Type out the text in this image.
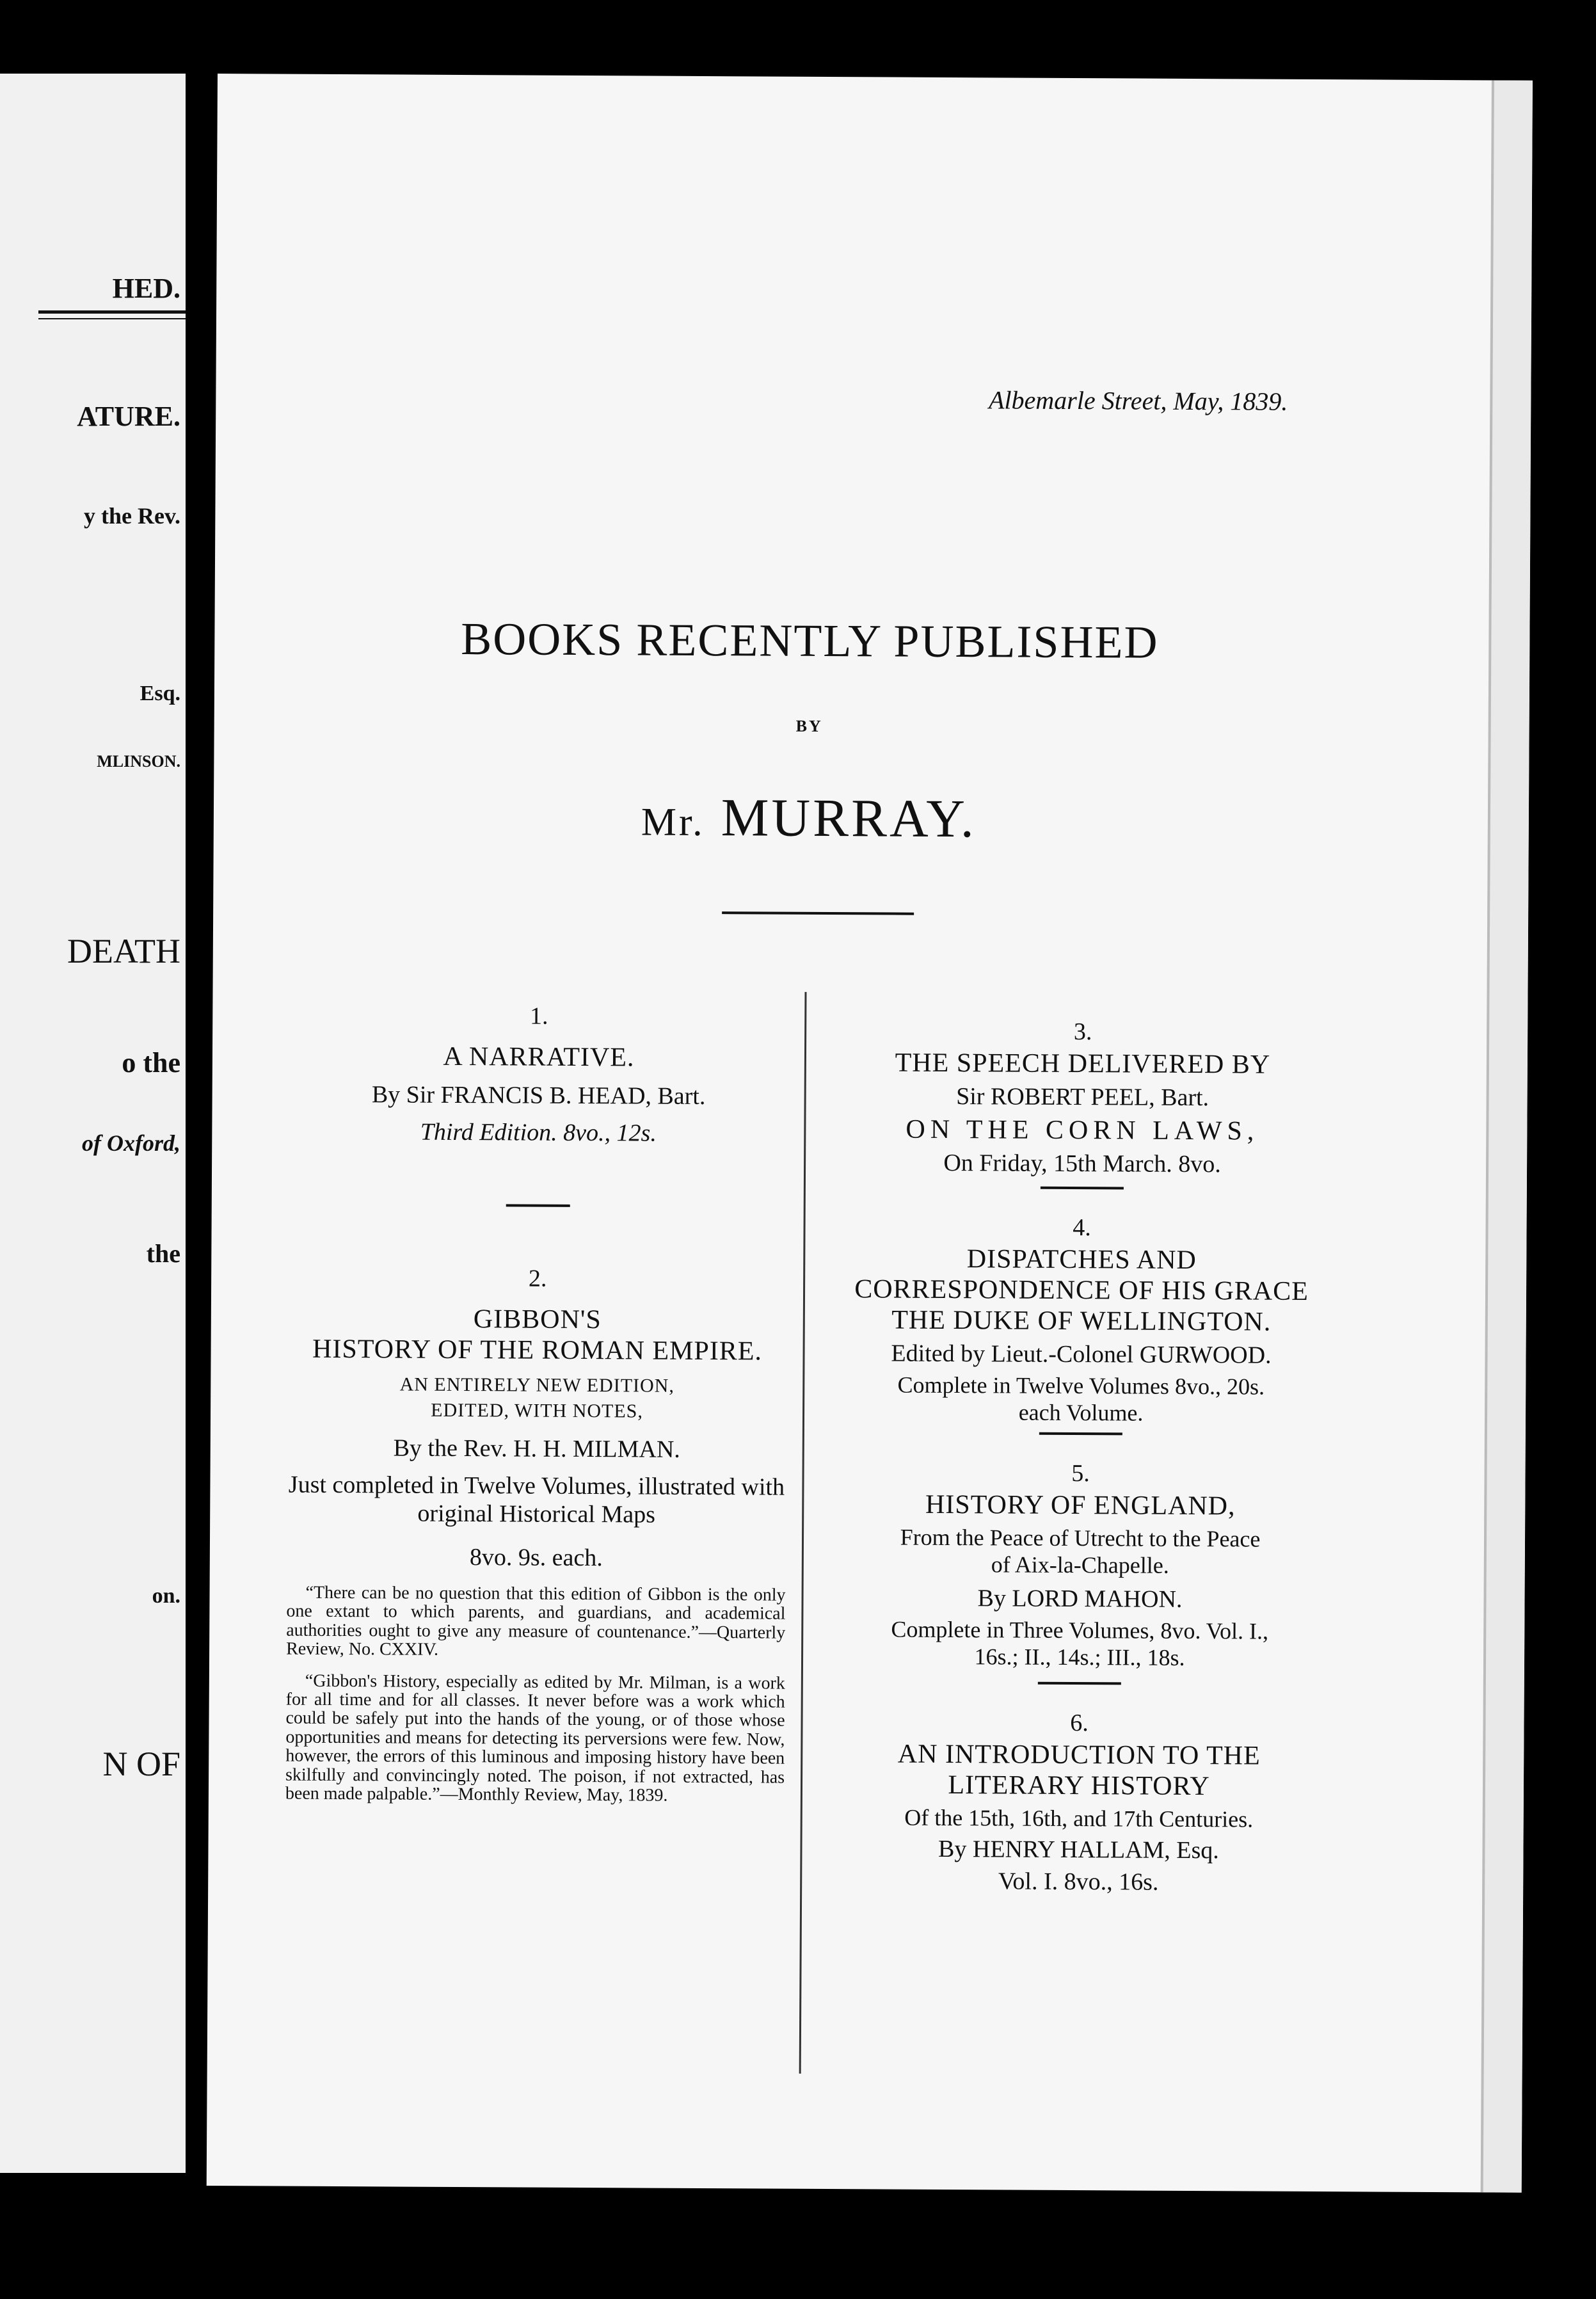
HED.
ATURE.
y the Rev.
Esq.
MLINSON.
DEATH
o the
of Oxford,
the
on.
N OF
Albemarle Street, May, 1839.
BOOKS RECENTLY PUBLISHED
BY
Mr. MURRAY.

1.

A NARRATIVE.

By Sir FRANCIS B. HEAD, Bart.

Third Edition. 8vo., 12s.

2.

GIBBON'S

HISTORY OF THE ROMAN EMPIRE.

AN ENTIRELY NEW EDITION,

EDITED, WITH NOTES,

By the Rev. H. H. MILMAN.

Just completed in Twelve Volumes, illustrated with original Historical Maps

8vo. 9s. each.

“There can be no question that this edition of Gibbon is the only one extant to which parents, and guardians, and academical authorities ought to give any measure of countenance.”—Quarterly Review, No. CXXIV.

“Gibbon's History, especially as edited by Mr. Milman, is a work for all time and for all classes. It never before was a work which could be safely put into the hands of the young, or of those whose opportunities and means for detecting its perversions were few. Now, however, the errors of this luminous and imposing history have been skilfully and convincingly noted. The poison, if not extracted, has been made palpable.”—Monthly Review, May, 1839.

3.

THE SPEECH DELIVERED BY

Sir ROBERT PEEL, Bart.

ON THE CORN LAWS,

On Friday, 15th March. 8vo.

4.

DISPATCHES AND

CORRESPONDENCE OF HIS GRACE

THE DUKE OF WELLINGTON.

Edited by Lieut.-Colonel GURWOOD.

Complete in Twelve Volumes 8vo., 20s.

each Volume.

5.

HISTORY OF ENGLAND,

From the Peace of Utrecht to the Peace

of Aix-la-Chapelle.

By LORD MAHON.

Complete in Three Volumes, 8vo. Vol. I.,

16s.; II., 14s.; III., 18s.

6.

AN INTRODUCTION TO THE

LITERARY HISTORY

Of the 15th, 16th, and 17th Centuries.

By HENRY HALLAM, Esq.

Vol. I. 8vo., 16s.
